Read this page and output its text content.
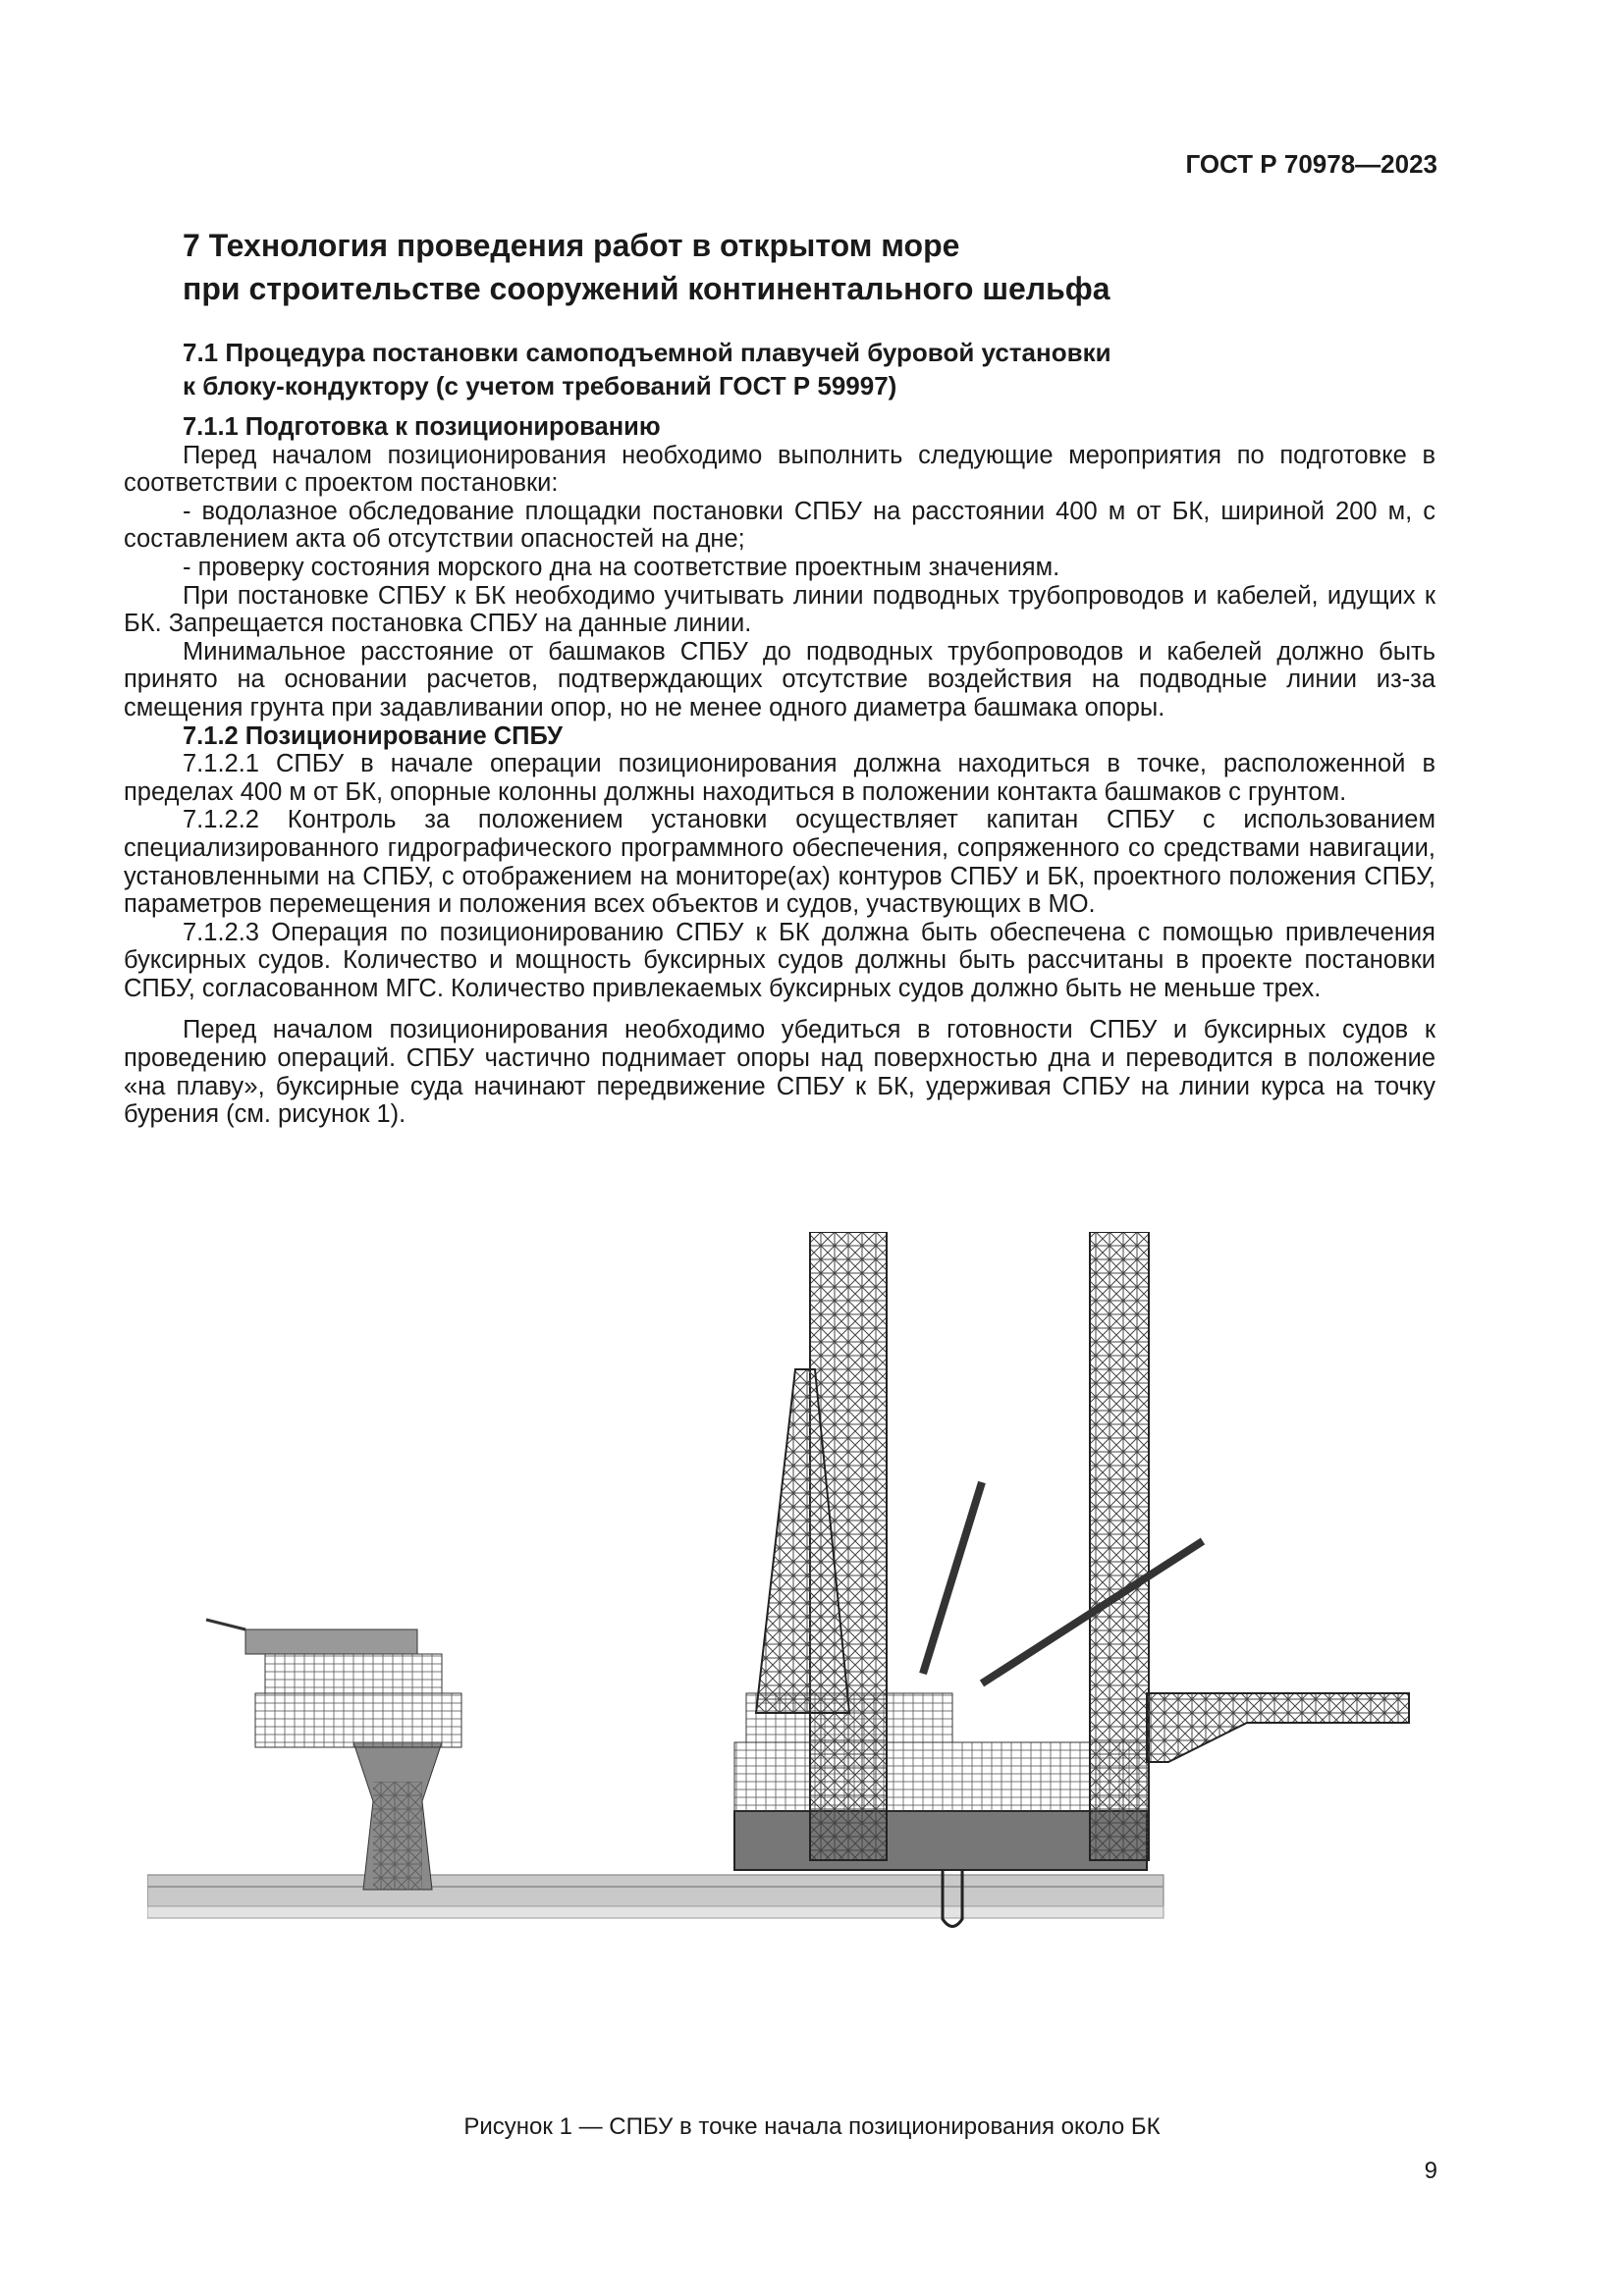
ГОСТ Р 70978—2023
7 Технология проведения работ в открытом море
при строительстве сооружений континентального шельфа
7.1 Процедура постановки самоподъемной плавучей буровой установки
к блоку-кондуктору (с учетом требований ГОСТ Р 59997)

7.1.1 Подготовка к позиционированию

Перед началом позиционирования необходимо выполнить следующие мероприятия по подготовке в соответствии с проектом постановки:

- водолазное обследование площадки постановки СПБУ на расстоянии 400 м от БК, шириной 200 м, с составлением акта об отсутствии опасностей на дне;

- проверку состояния морского дна на соответствие проектным значениям.

При постановке СПБУ к БК необходимо учитывать линии подводных трубопроводов и кабелей, идущих к БК. Запрещается постановка СПБУ на данные линии.

Минимальное расстояние от башмаков СПБУ до подводных трубопроводов и кабелей должно быть принято на основании расчетов, подтверждающих отсутствие воздействия на подводные линии из-за смещения грунта при задавливании опор, но не менее одного диаметра башмака опоры.

7.1.2 Позиционирование СПБУ

7.1.2.1 СПБУ в начале операции позиционирования должна находиться в точке, расположенной в пределах 400 м от БК, опорные колонны должны находиться в положении контакта башмаков с грунтом.

7.1.2.2 Контроль за положением установки осуществляет капитан СПБУ с использованием специализированного гидрографического программного обеспечения, сопряженного со средствами навигации, установленными на СПБУ, с отображением на мониторе(ах) контуров СПБУ и БК, проектного положения СПБУ, параметров перемещения и положения всех объектов и судов, участвующих в МО.

7.1.2.3 Операция по позиционированию СПБУ к БК должна быть обеспечена с помощью привлечения буксирных судов. Количество и мощность буксирных судов должны быть рассчитаны в проекте постановки СПБУ, согласованном МГС. Количество привлекаемых буксирных судов должно быть не меньше трех.

Перед началом позиционирования необходимо убедиться в готовности СПБУ и буксирных судов к проведению операций. СПБУ частично поднимает опоры над поверхностью дна и переводится в положение «на плаву», буксирные суда начинают передвижение СПБУ к БК, удерживая СПБУ на линии курса на точку бурения (см. рисунок 1).

Рисунок 1 — СПБУ в точке начала позиционирования около БК
9
